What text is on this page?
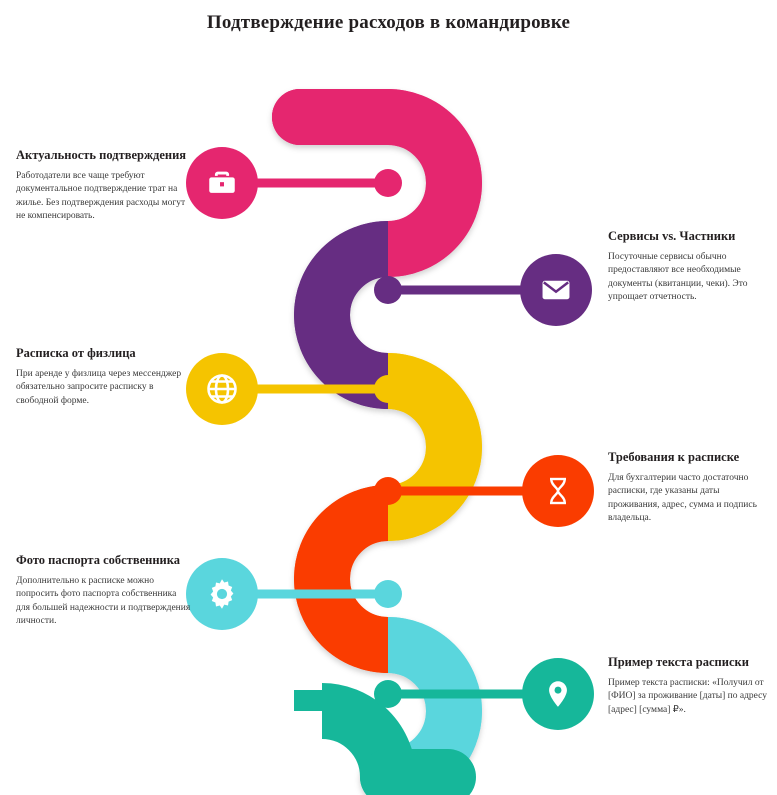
Подтверждение расходов в командировке
Актуальность подтверждения
Работодатели все чаще требуют документальное подтверждение трат на жилье. Без подтверждения расходы могут не компенсировать.
Сервисы vs. Частники
Посуточные сервисы обычно предоставляют все необходимые документы (квитанции, чеки). Это упрощает отчетность.
Расписка от физлица
При аренде у физлица через мессенджер обязательно запросите расписку в свободной форме.
Требования к расписке
Для бухгалтерии часто достаточно расписки, где указаны даты проживания, адрес, сумма и подпись владельца.
Фото паспорта собственника
Дополнительно к расписке можно попросить фото паспорта собственника для большей надежности и подтверждения личности.
Пример текста расписки
Пример текста расписки: «Получил от [ФИО] за проживание [даты] по адресу [адрес] [сумма] ₽».
